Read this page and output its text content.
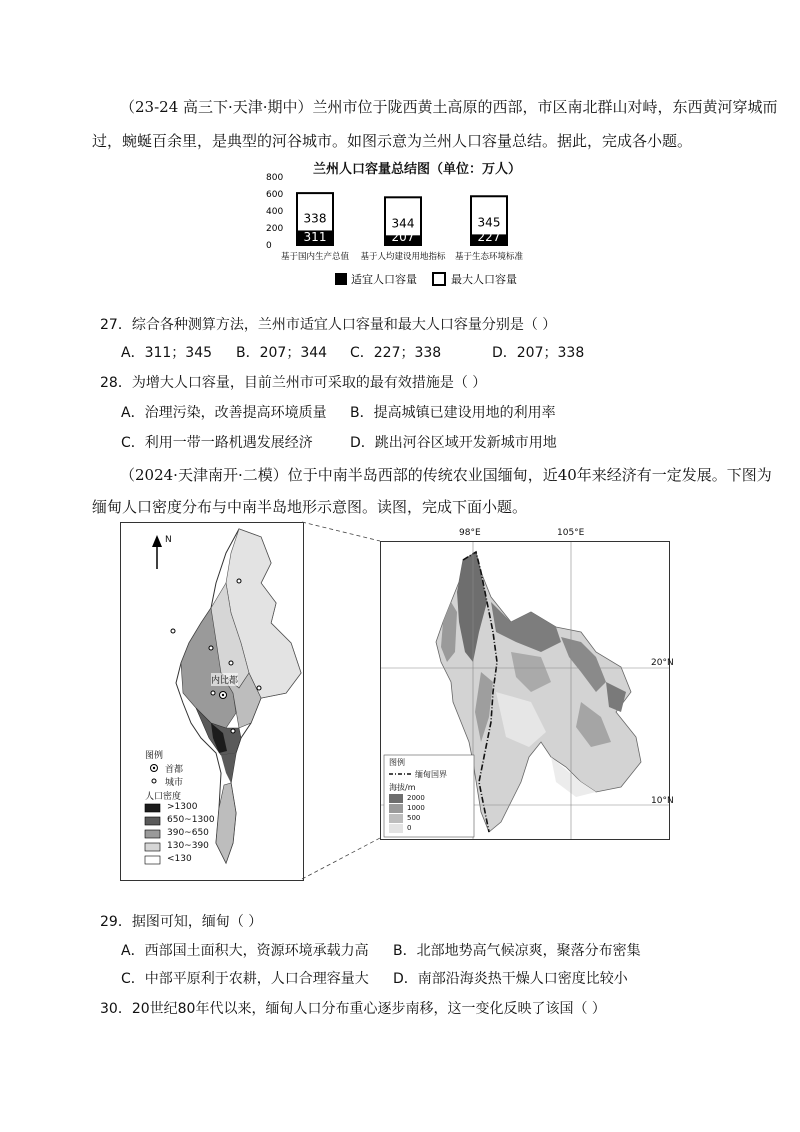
（23-24 高三下·天津·期中）兰州市位于陇西黄土高原的西部，市区南北群山对峙，东西黄河穿城而
过，蜿蜒百余里，是典型的河谷城市。如图示意为兰州人口容量总结。据此，完成各小题。
兰州人口容量总结图（单位：万人）
800
600
400
200
0
338
311
基于国内生产总值
344
207
基于人均建设用地指标
345
227
基于生态环境标准
适宜人口容量	最大人口容量
27．综合各种测算方法，兰州市适宜人口容量和最大人口容量分别是（ ）
A．311；345 B．207；344 C．227；338	D．207；338
28．为增大人口容量，目前兰州市可采取的最有效措施是（ ）
A．治理污染，改善提高环境质量 B．提高城镇已建设用地的利用率
C．利用一带一路机遇发展经济	D．跳出河谷区域开发新城市用地
（2024·天津南开·二模）位于中南半岛西部的传统农业国缅甸，近40年来经济有一定发展。下图为
缅甸人口密度分布与中南半岛地形示意图。读图，完成下面小题。
N
内比都
图例
首都
城市
人口密度
>1300
650~1300
390~650
130~390
<130
98°E	105°E
20°N
10°N
图例
缅甸国界
海拔/m
2000
1000
500
0
29．据图可知，缅甸（ ）
A．西部国土面积大，资源环境承载力高 B．北部地势高气候凉爽，聚落分布密集
C．中部平原利于农耕，人口合理容量大 D．南部沿海炎热干燥人口密度比较小
30．20世纪80年代以来，缅甸人口分布重心逐步南移，这一变化反映了该国（ ）
